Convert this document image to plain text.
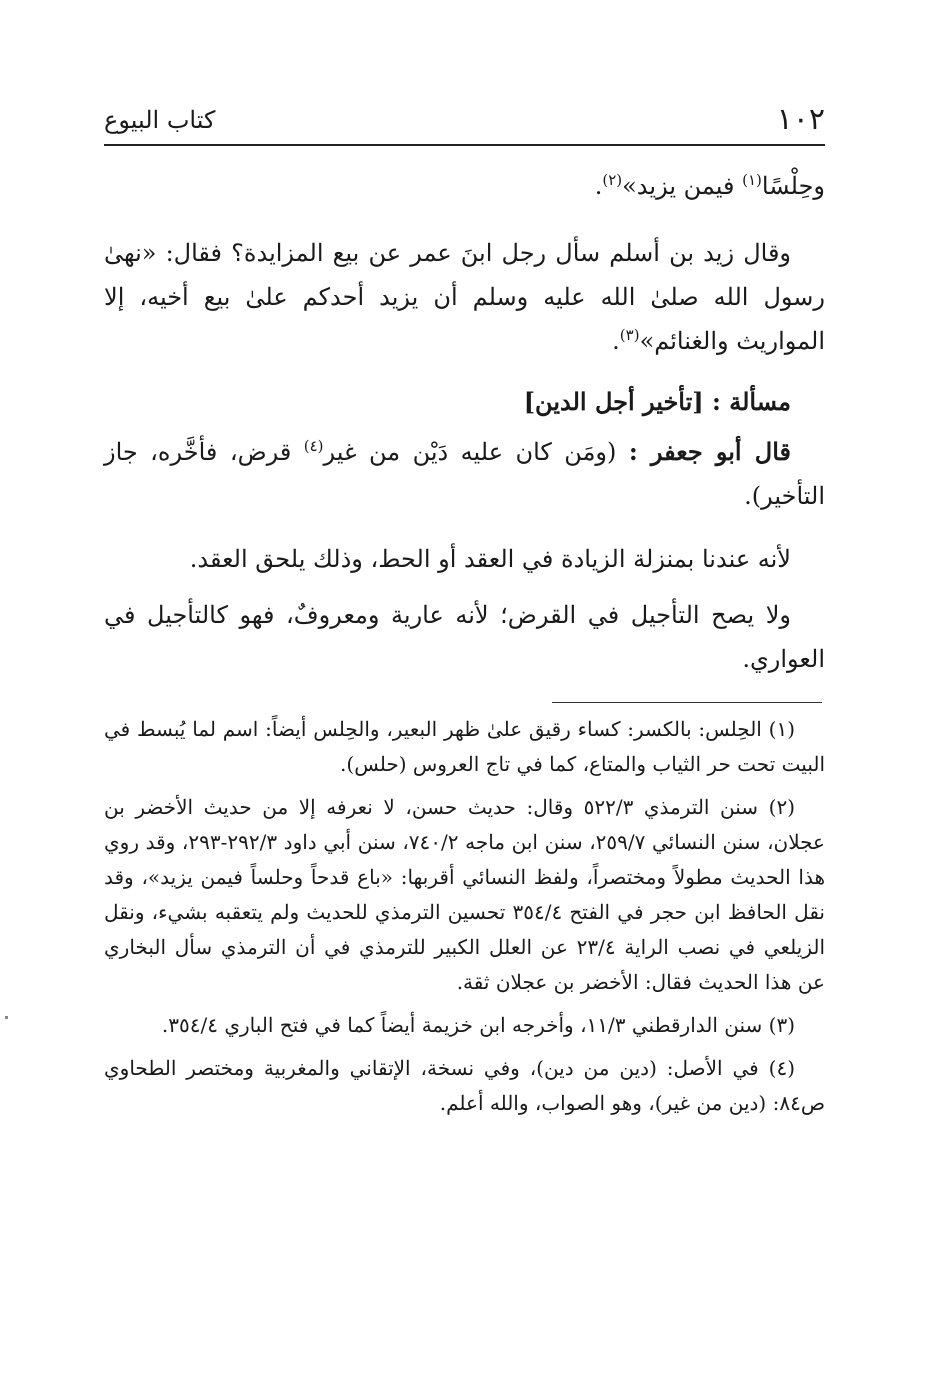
١٠٢
كتاب البيوع

وحِلْسًا$^{(١)}$ فيمن يزيد»$^{(٢)}$.

وقال زيد بن أسلم سأل رجل ابنَ عمر عن بيع المزايدة؟ فقال: «نهىٰ رسول الله صلىٰ الله عليه وسلم أن يزيد أحدكم علىٰ بيع أخيه، إلا المواريث والغنائم»$^{(٣)}$.

مسألة : [تأخير أجل الدين]

قال أبو جعفر : (ومَن كان عليه دَيْن من غير$^{(٤)}$ قرض، فأخَّره، جاز التأخير).

لأنه عندنا بمنزلة الزيادة في العقد أو الحط، وذلك يلحق العقد.

ولا يصح التأجيل في القرض؛ لأنه عارية ومعروفٌ، فهو كالتأجيل في العواري.

(١) الحِلس: بالكسر: كساء رقيق علىٰ ظهر البعير، والحِلس أيضاً: اسم لما يُبسط في البيت تحت حر الثياب والمتاع، كما في تاج العروس (حلس).

(٢) سنن الترمذي ٥٢٢/٣ وقال: حديث حسن، لا نعرفه إلا من حديث الأخضر بن عجلان، سنن النسائي ٢٥٩/٧، سنن ابن ماجه ٧٤٠/٢، سنن أبي داود ٢٩٢/٣-٢٩٣، وقد روي هذا الحديث مطولاً ومختصراً، ولفظ النسائي أقربها: «باع قدحاً وحلساً فيمن يزيد»، وقد نقل الحافظ ابن حجر في الفتح ٣٥٤/٤ تحسين الترمذي للحديث ولم يتعقبه بشيء، ونقل الزيلعي في نصب الراية ٢٣/٤ عن العلل الكبير للترمذي في أن الترمذي سأل البخاري عن هذا الحديث فقال: الأخضر بن عجلان ثقة.

(٣) سنن الدارقطني ١١/٣، وأخرجه ابن خزيمة أيضاً كما في فتح الباري ٣٥٤/٤.

(٤) في الأصل: (دين من دين)، وفي نسخة، الإتقاني والمغربية ومختصر الطحاوي ص٨٤: (دين من غير)، وهو الصواب، والله أعلم.
